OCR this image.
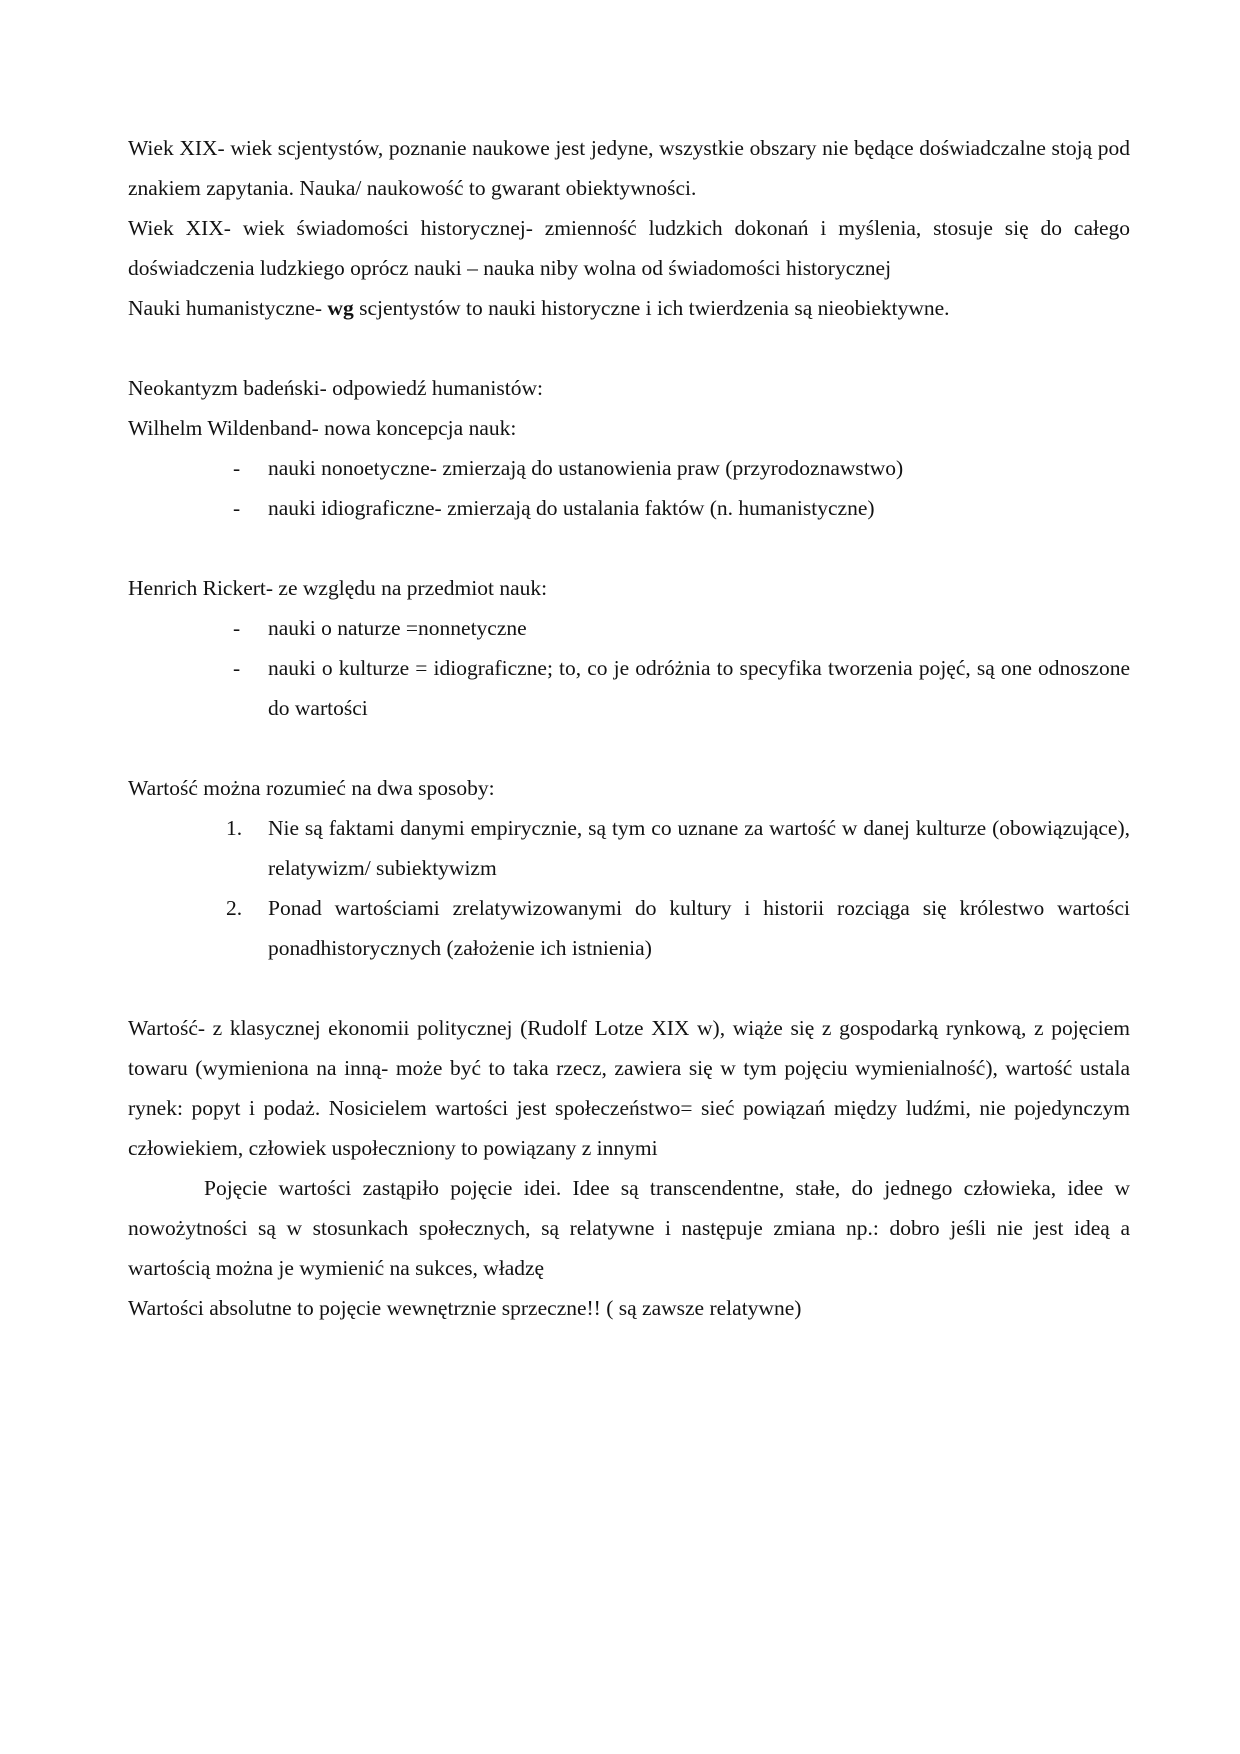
Wiek XIX- wiek scjentystów, poznanie naukowe jest jedyne, wszystkie obszary nie będące doświadczalne stoją pod znakiem zapytania. Nauka/ naukowość to gwarant obiektywności.

Wiek XIX- wiek świadomości historycznej- zmienność ludzkich dokonań i myślenia, stosuje się do całego doświadczenia ludzkiego oprócz nauki – nauka niby wolna od świadomości historycznej

Nauki humanistyczne- wg scjentystów to nauki historyczne i ich twierdzenia są nieobiektywne.

Neokantyzm badeński- odpowiedź humanistów:

Wilhelm Wildenband- nowa koncepcja nauk:

-	nauki nonoetyczne- zmierzają do ustanowienia praw (przyrodoznawstwo)
-	nauki idiograficzne- zmierzają do ustalania faktów (n. humanistyczne)

Henrich Rickert- ze względu na przedmiot nauk:

-	nauki o naturze =nonnetyczne
-	nauki o kulturze = idiograficzne; to, co je odróżnia to specyfika tworzenia pojęć, są one odnoszone do wartości

Wartość można rozumieć na dwa sposoby:

1.	Nie są faktami danymi empirycznie, są tym co uznane za wartość w danej kulturze (obowiązujące), relatywizm/ subiektywizm
2.	Ponad wartościami zrelatywizowanymi do kultury i historii rozciąga się królestwo wartości ponadhistorycznych (założenie ich istnienia)

Wartość- z klasycznej ekonomii politycznej (Rudolf Lotze XIX w), wiąże się z gospodarką rynkową, z pojęciem towaru (wymieniona na inną- może być to taka rzecz, zawiera się w tym pojęciu wymienialność), wartość ustala rynek: popyt i podaż. Nosicielem wartości jest społeczeństwo= sieć powiązań między ludźmi, nie pojedynczym człowiekiem, człowiek uspołeczniony to powiązany z innymi

Pojęcie wartości zastąpiło pojęcie idei. Idee są transcendentne, stałe, do jednego człowieka, idee w nowożytności są w stosunkach społecznych, są relatywne i następuje zmiana np.: dobro jeśli nie jest ideą a wartością można je wymienić na sukces, władzę

Wartości absolutne to pojęcie wewnętrznie sprzeczne!! ( są zawsze relatywne)
